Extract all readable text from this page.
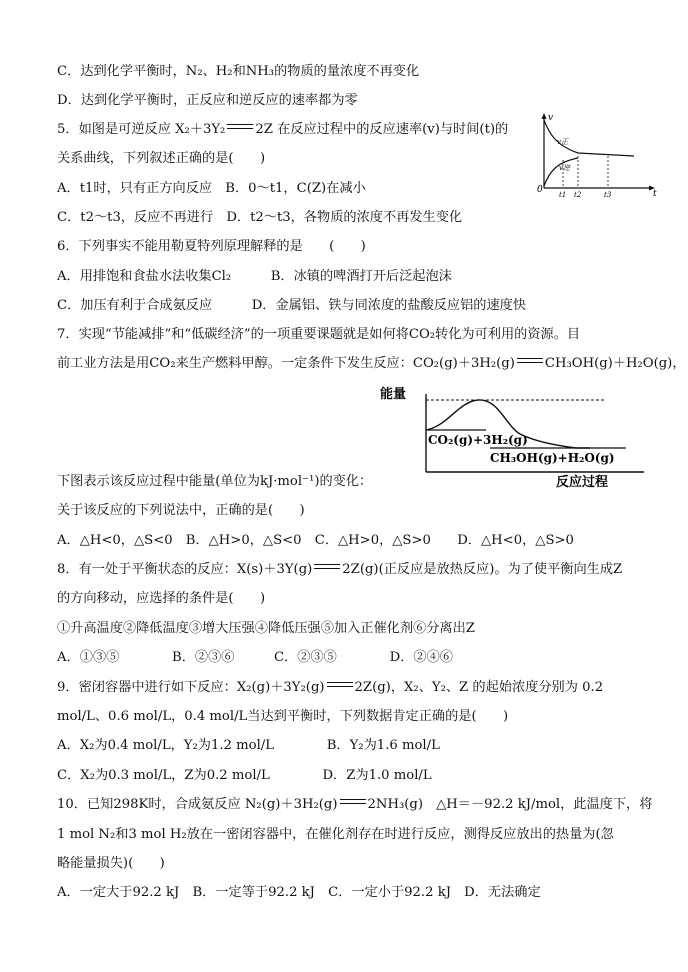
C．达到化学平衡时，N₂、H₂和NH₃的物质的量浓度不再变化
D．达到化学平衡时，正反应和逆反应的速率都为零
5．如图是可逆反应 X₂＋3Y₂ 2Z 在反应过程中的反应速率(v)与时间(t)的
关系曲线，下列叙述正确的是(　　)
A．t1时，只有正方向反应　B．0～t1，C(Z)在减小
C．t2～t3，反应不再进行　D．t2～t3，各物质的浓度不再发生变化
6．下列事实不能用勒夏特列原理解释的是　　(　　)
A．用排饱和食盐水法收集Cl₂　　　B．冰镇的啤酒打开后泛起泡沫
C．加压有利于合成氨反应　　　D．金属铝、铁与同浓度的盐酸反应铝的速度快
7．实现“节能减排”和“低碳经济”的一项重要课题就是如何将CO₂转化为可利用的资源。目
前工业方法是用CO₂来生产燃料甲醇。一定条件下发生反应：CO₂(g)＋3H₂(g) CH₃OH(g)＋H₂O(g)，
下图表示该反应过程中能量(单位为kJ·mol⁻¹)的变化：
关于该反应的下列说法中，正确的是(　　)
A．△H<0，△S<0　B．△H>0，△S<0　C．△H>0，△S>0　　D．△H<0，△S>0
8．有一处于平衡状态的反应：X(s)＋3Y(g) 2Z(g)(正反应是放热反应)。为了使平衡向生成Z
的方向移动，应选择的条件是(　　)
①升高温度②降低温度③增大压强④降低压强⑤加入正催化剂⑥分离出Z
A．①③⑤　　　　B．②③⑥　　　C．②③⑤　　　　D．②④⑥
9．密闭容器中进行如下反应：X₂(g)＋3Y₂(g) 2Z(g)，X₂、Y₂、Z 的起始浓度分别为 0.2
mol/L、0.6 mol/L，0.4 mol/L当达到平衡时，下列数据肯定正确的是(　　)
A．X₂为0.4 mol/L，Y₂为1.2 mol/L　　　　B．Y₂为1.6 mol/L
C．X₂为0.3 mol/L，Z为0.2 mol/L　　　　D．Z为1.0 mol/L
10．已知298K时，合成氨反应 N₂(g)＋3H₂(g) 2NH₃(g)　△H＝－92.2 kJ/mol，此温度下，将
1 mol N₂和3 mol H₂放在一密闭容器中，在催化剂存在时进行反应，测得反应放出的热量为(忽
略能量损失)(　　)
A．一定大于92.2 kJ　B．一定等于92.2 kJ　C．一定小于92.2 kJ　D．无法确定
v
t
0
v正
v逆
t1 t2	t3
能量
CO₂(g)+3H₂(g)
CH₃OH(g)+H₂O(g)
反应过程
